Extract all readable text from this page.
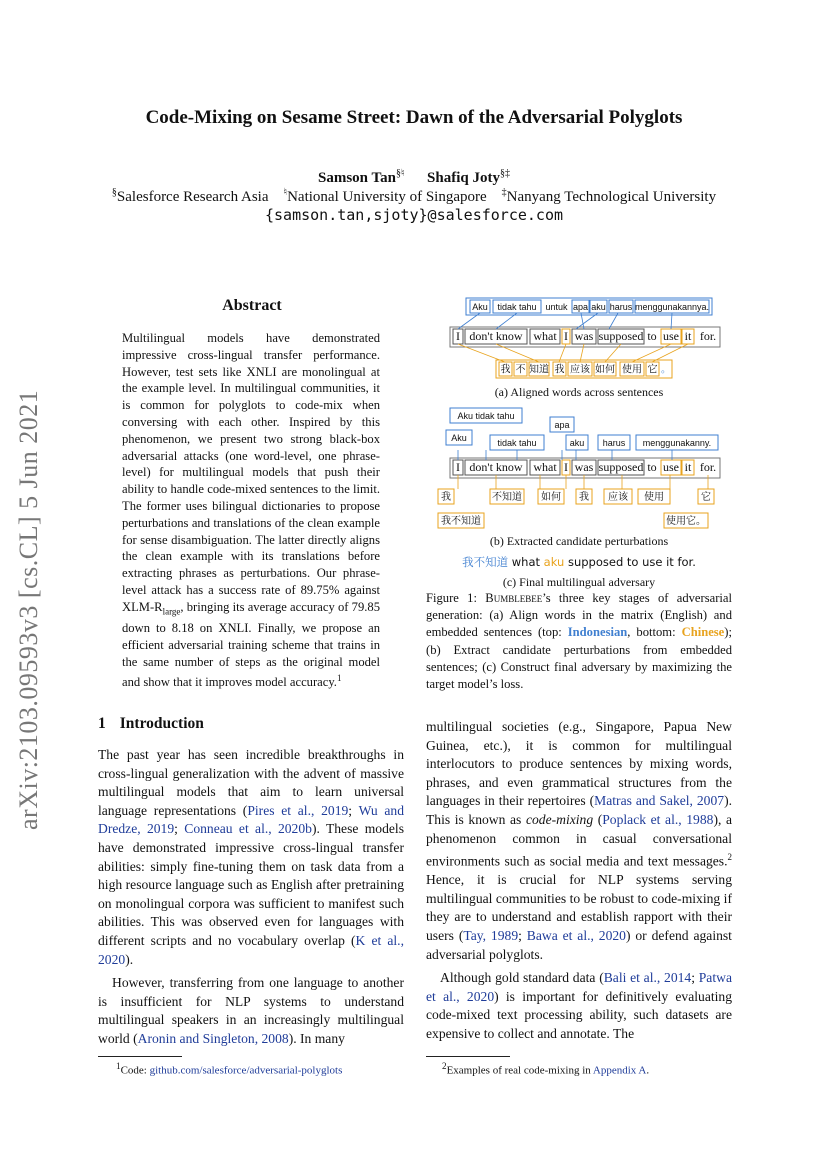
Code-Mixing on Sesame Street: Dawn of the Adversarial Polyglots
Samson Tan§♮ Shafiq Joty§‡
§Salesforce Research Asia ♮National University of Singapore ‡Nanyang Technological University
{samson.tan,sjoty}@salesforce.com
arXiv:2103.09593v3 [cs.CL] 5 Jun 2021
Abstract
Multilingual models have demonstrated impressive cross-lingual transfer performance. However, test sets like XNLI are monolingual at the example level. In multilingual communities, it is common for polyglots to code-mix when conversing with each other. Inspired by this phenomenon, we present two strong black-box adversarial attacks (one word-level, one phrase-level) for multilingual models that push their ability to handle code-mixed sentences to the limit. The former uses bilingual dictionaries to propose perturbations and translations of the clean example for sense disambiguation. The latter directly aligns the clean example with its translations before extracting phrases as perturbations. Our phrase-level attack has a success rate of 89.75% against XLM-$R_{large}$, bringing its average accuracy of 79.85 down to 8.18 on XNLI. Finally, we propose an efficient adversarial training scheme that trains in the same number of steps as the original model and show that it improves model accuracy.$^1$
1 Introduction

The past year has seen incredible breakthroughs in cross-lingual generalization with the advent of massive multilingual models that aim to learn universal language representations (Pires et al., 2019; Wu and Dredze, 2019; Conneau et al., 2020b). These models have demonstrated impressive cross-lingual transfer abilities: simply fine-tuning them on task data from a high resource language such as English after pretraining on monolingual corpora was sufficient to manifest such abilities. This was observed even for languages with different scripts and no vocabulary overlap (K et al., 2020).

However, transferring from one language to another is insufficient for NLP systems to understand multilingual speakers in an increasingly multilingual world (Aronin and Singleton, 2008). In many

multilingual societies (e.g., Singapore, Papua New Guinea, etc.), it is common for multilingual interlocutors to produce sentences by mixing words, phrases, and even grammatical structures from the languages in their repertoires (Matras and Sakel, 2007). This is known as code-mixing (Poplack et al., 1988), a phenomenon common in casual conversational environments such as social media and text messages.$^2$ Hence, it is crucial for NLP systems serving multilingual communities to be robust to code-mixing if they are to understand and establish rapport with their users (Tay, 1989; Bawa et al., 2020) or defend against adversarial polyglots.

Although gold standard data (Bali et al., 2014; Patwa et al., 2020) is important for definitively evaluating code-mixed text processing ability, such datasets are expensive to collect and annotate. The

$^1$Code: github.com/salesforce/adversarial-polyglots	$^2$Examples of real code-mixing in Appendix A.
Aku tidak tahu untuk apa aku harus menggunakannya.
I don't know what I was supposed to use it for.
我 不 知道 我 应该 如何 使用 它 。
(a) Aligned words across sentences
Aku tidak tahu
apa
Aku	tidak tahu	aku harus menggunakanny.
I don't know what I was supposed to use it for.
我	不知道 如何 我 应该 使用	它
我不知道	使用它。
(b) Extracted candidate perturbations
我不知道 what aku supposed to use it for.
(c) Final multilingual adversary
Figure 1: Bumblebee’s three key stages of adversarial generation: (a) Align words in the matrix (English) and embedded sentences (top: Indonesian, bottom: Chinese); (b) Extract candidate perturbations from embedded sentences; (c) Construct final adversary by maximizing the target model’s loss.
